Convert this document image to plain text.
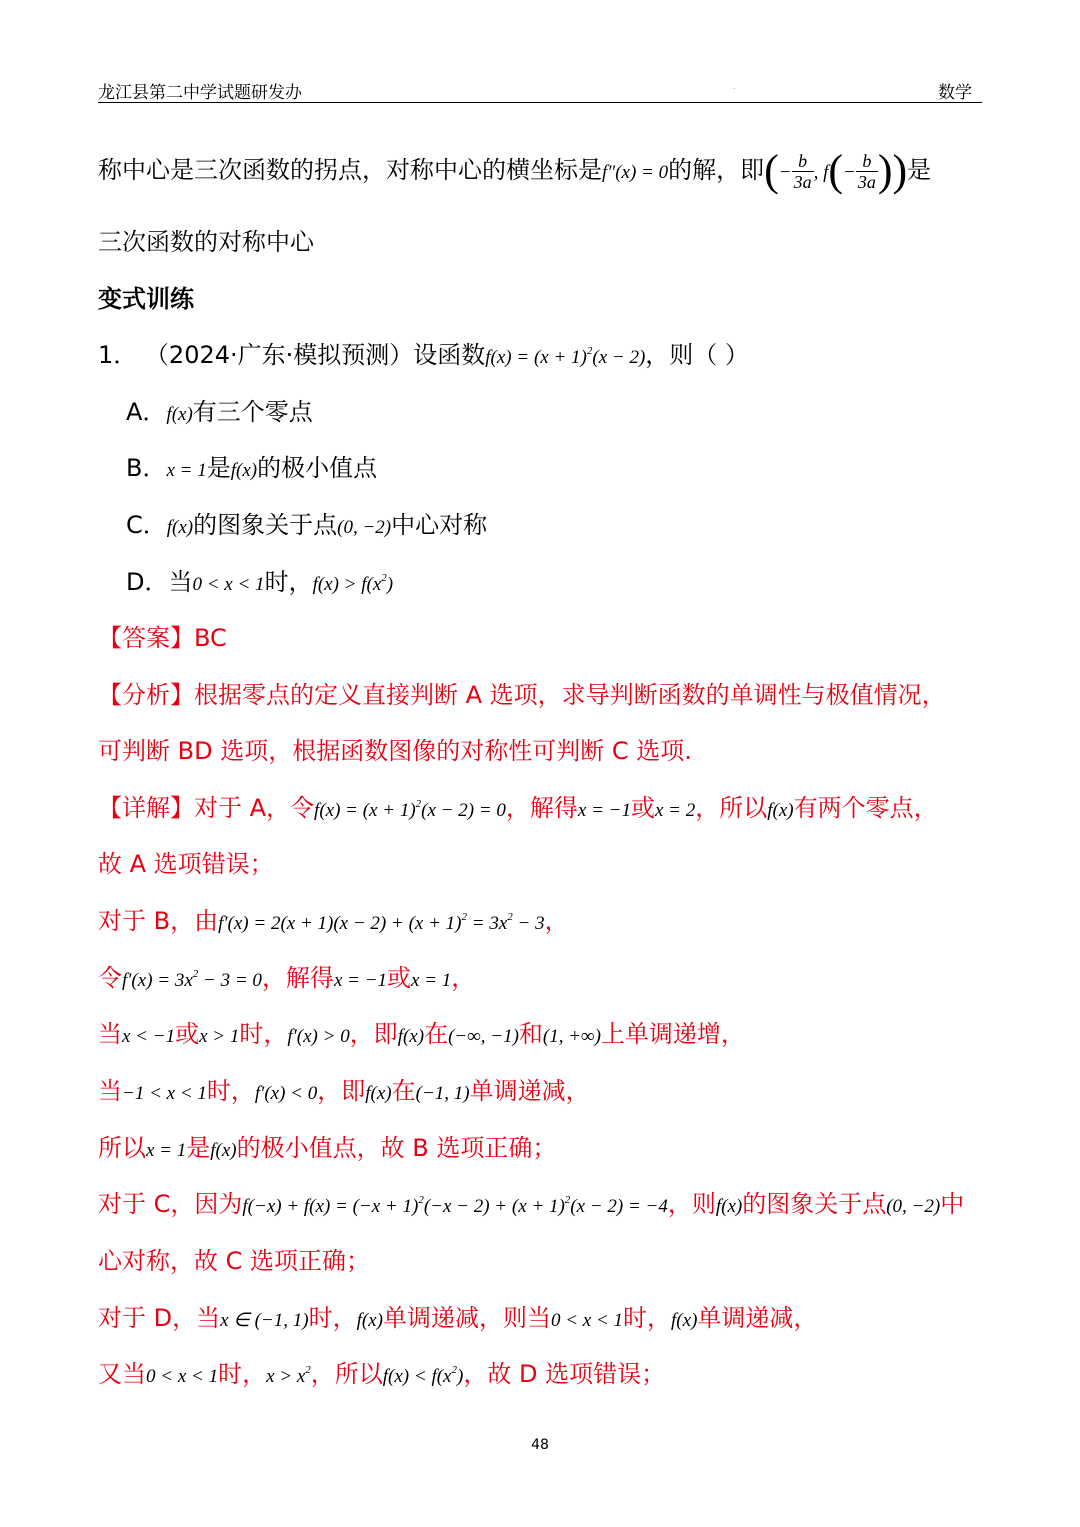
龙江县第二中学试题研发办	.	数学
称中心是三次函数的拐点，对称中心的横坐标是f″(x) = 0的解，即(− $\frac{b}{3a}$ , $f(- \frac{b}{3a}$ ))是
三次函数的对称中心
变式训练
1． （2024·广东·模拟预测）设函数$f(x) = (x + 1)^2(x - 2)$，则（ ）
A．f(x)有三个零点
B．x = 1是f(x)的极小值点
C．f(x)的图象关于点(0, −2)中心对称
D．当0 < x < 1时，$f(x) > f(x^2)$
【答案】BC
【分析】根据零点的定义直接判断 A 选项，求导判断函数的单调性与极值情况，
可判断 BD 选项，根据函数图像的对称性可判断 C 选项.
【详解】对于 A，令$f(x) = (x + 1)^2(x - 2) = 0$，解得x = −1或x = 2，所以f(x)有两个零点，
故 A 选项错误；
对于 B，由$f'(x) = 2(x + 1)(x - 2) + (x + 1)^2 = 3x^2 - 3$，
令$f'(x) = 3x^2 - 3 = 0$，解得x = −1或x = 1，
当x < −1或x > 1时，f′(x) > 0，即f(x)在(−∞, −1)和(1, +∞)上单调递增，
当−1 < x < 1时，f′(x) < 0，即f(x)在(−1, 1)单调递减，
所以x = 1是f(x)的极小值点，故 B 选项正确；
对于 C，因为$f(-x) + f(x) = (-x + 1)^2(-x - 2) + (x + 1)^2(x - 2) = -4$，则f(x)的图象关于点(0, −2)中
心对称，故 C 选项正确；
对于 D，当x ∈ (−1, 1)时，f(x)单调递减，则当0 < x < 1时，f(x)单调递减，
又当0 < x < 1时，$x > x^2$，所以$f(x) < f(x^2)$，故 D 选项错误；
48
